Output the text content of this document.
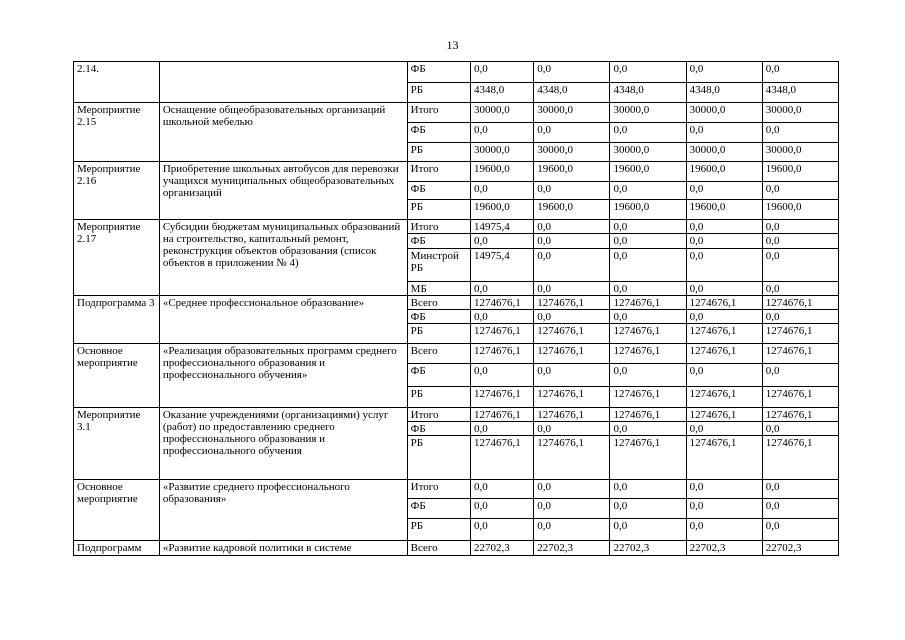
13
2.14.		ФБ	0,0	0,0	0,0	0,0	0,0
		РБ	4348,0	4348,0	4348,0	4348,0	4348,0
Мероприятие 2.15	Оснащение общеобразовательных организаций школьной мебелью	Итого	30000,0	30000,0	30000,0	30000,0	30000,0
		ФБ	0,0	0,0	0,0	0,0	0,0
		РБ	30000,0	30000,0	30000,0	30000,0	30000,0
Мероприятие 2.16	Приобретение школьных автобусов для перевозки учащихся муниципальных общеобразовательных организаций	Итого	19600,0	19600,0	19600,0	19600,0	19600,0
		ФБ	0,0	0,0	0,0	0,0	0,0
		РБ	19600,0	19600,0	19600,0	19600,0	19600,0
Мероприятие 2.17	Субсидии бюджетам муниципальных образований на строительство, капитальный ремонт, реконструкция объектов образования (список объектов в приложении № 4)	Итого	14975,4	0,0	0,0	0,0	0,0
		ФБ	0,0	0,0	0,0	0,0	0,0
		Минстрой РБ	14975,4	0,0	0,0	0,0	0,0
		МБ	0,0	0,0	0,0	0,0	0,0
Подпрограмма 3	«Среднее профессиональное образование»	Всего	1274676,1	1274676,1	1274676,1	1274676,1	1274676,1
		ФБ	0,0	0,0	0,0	0,0	0,0
		РБ	1274676,1	1274676,1	1274676,1	1274676,1	1274676,1
Основное мероприятие	«Реализация образовательных программ среднего профессионального образования и профессионального обучения»	Всего	1274676,1	1274676,1	1274676,1	1274676,1	1274676,1
		ФБ	0,0	0,0	0,0	0,0	0,0
		РБ	1274676,1	1274676,1	1274676,1	1274676,1	1274676,1
Мероприятие 3.1	Оказание учреждениями (организациями) услуг (работ) по предоставлению среднего профессионального образования и профессионального обучения	Итого	1274676,1	1274676,1	1274676,1	1274676,1	1274676,1
		ФБ	0,0	0,0	0,0	0,0	0,0
		РБ	1274676,1	1274676,1	1274676,1	1274676,1	1274676,1
Основное мероприятие	«Развитие среднего профессионального образования»	Итого	0,0	0,0	0,0	0,0	0,0
		ФБ	0,0	0,0	0,0	0,0	0,0
		РБ	0,0	0,0	0,0	0,0	0,0
Подпрограмм	«Развитие кадровой политики в системе	Всего	22702,3	22702,3	22702,3	22702,3	22702,3
